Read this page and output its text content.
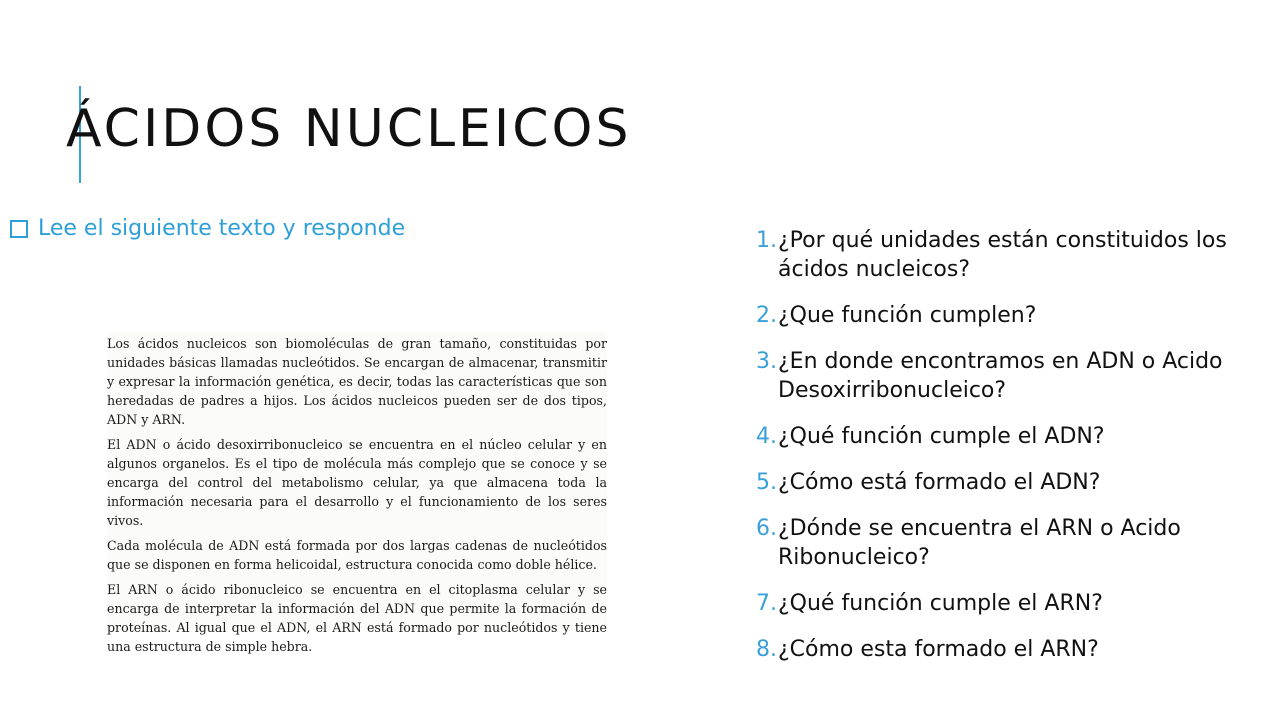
ÁCIDOS NUCLEICOS
Lee el siguiente texto y responde

Los ácidos nucleicos son biomoléculas de gran tamaño, constituidas por unidades básicas llamadas nucleótidos. Se encargan de almacenar, transmitir y expresar la información genética, es decir, todas las características que son heredadas de padres a hijos. Los ácidos nucleicos pueden ser de dos tipos, ADN y ARN.

El ADN o ácido desoxirribonucleico se encuentra en el núcleo celular y en algunos organelos. Es el tipo de molécula más complejo que se conoce y se encarga del control del metabolismo celular, ya que almacena toda la información necesaria para el desarrollo y el funcionamiento de los seres vivos.

Cada molécula de ADN está formada por dos largas cadenas de nucleótidos que se disponen en forma helicoidal, estructura conocida como doble hélice.

El ARN o ácido ribonucleico se encuentra en el citoplasma celular y se encarga de interpretar la información del ADN que permite la formación de proteínas. Al igual que el ADN, el ARN está formado por nucleótidos y tiene una estructura de simple hebra.

1. ¿Por qué unidades están constituidos los ácidos nucleicos?
2. ¿Que función cumplen?
3. ¿En donde encontramos en ADN o Acido Desoxirribonucleico?
4. ¿Qué función cumple el ADN?
5. ¿Cómo está formado el ADN?
6. ¿Dónde se encuentra el ARN o Acido Ribonucleico?
7. ¿Qué función cumple el ARN?
8. ¿Cómo esta formado el ARN?
